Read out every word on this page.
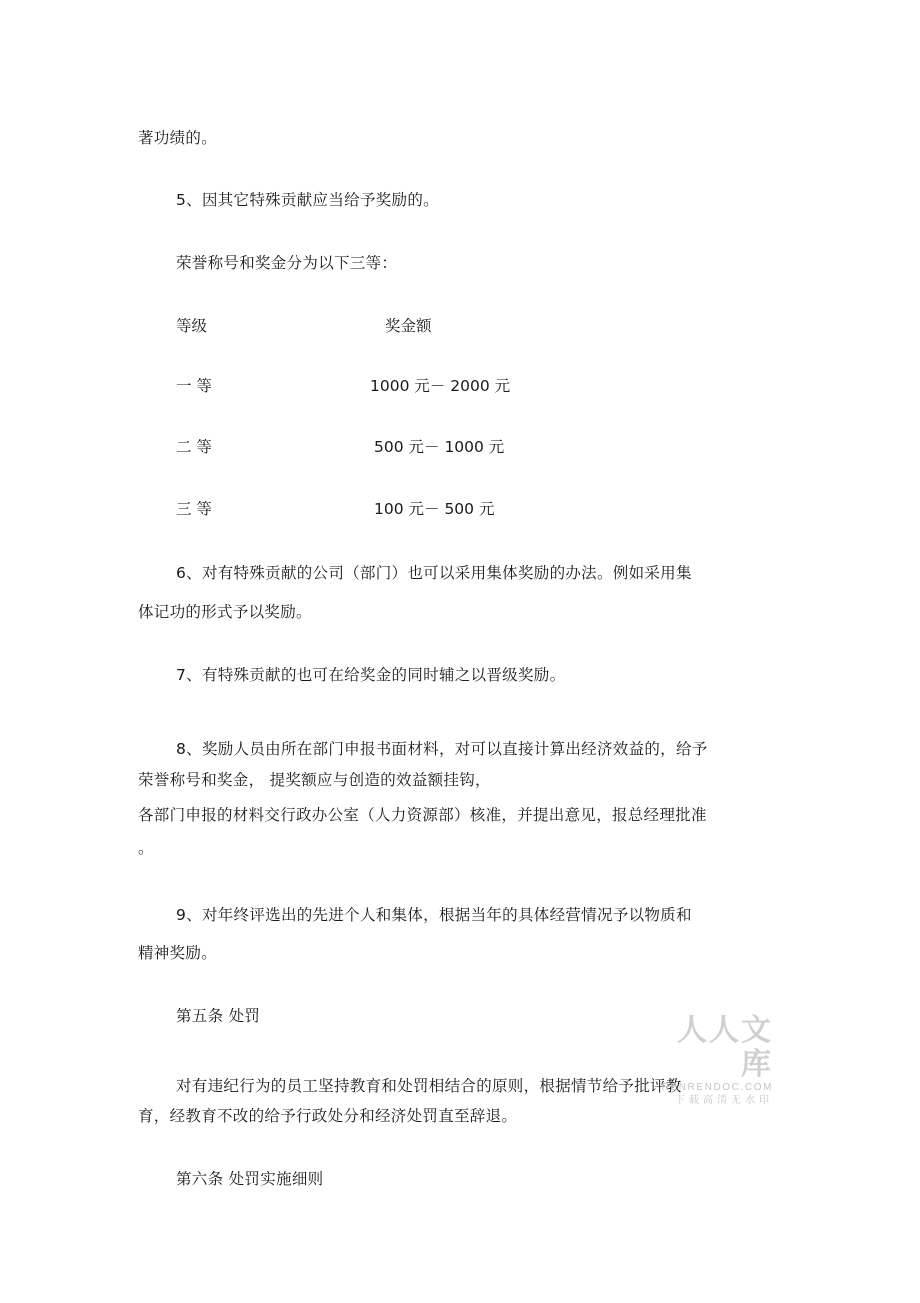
著功绩的。
5、因其它特殊贡献应当给予奖励的。
荣誉称号和奖金分为以下三等：
等级	奖金额
一 等	1000 元－ 2000 元
二 等	500 元－ 1000 元
三 等	100 元－ 500 元
6、对有特殊贡献的公司（部门）也可以采用集体奖励的办法。例如采用集
体记功的形式予以奖励。
7、有特殊贡献的也可在给奖金的同时辅之以晋级奖励。
8、奖励人员由所在部门申报书面材料，对可以直接计算出经济效益的，给予
荣誉称号和奖金， 提奖额应与创造的效益额挂钩，
各部门申报的材料交行政办公室（人力资源部）核准，并提出意见，报总经理批准
。
9、对年终评选出的先进个人和集体，根据当年的具体经营情况予以物质和
精神奖励。
第五条 处罚
对有违纪行为的员工坚持教育和处罚相结合的原则，根据情节给予批评教
育，经教育不改的给予行政处分和经济处罚直至辞退。
第六条 处罚实施细则
人人文库
RENRENDOC.COM
下载高清无水印
